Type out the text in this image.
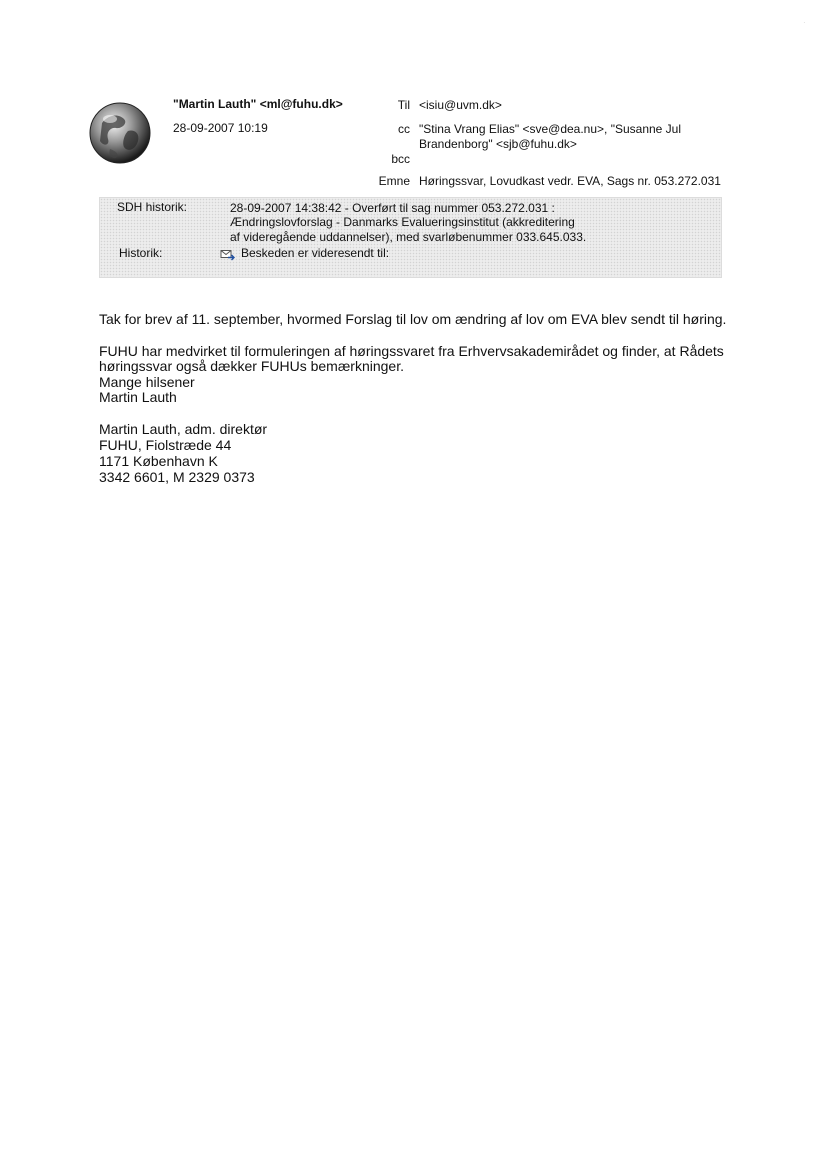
·
"Martin Lauth" <ml@fuhu.dk>
28-09-2007 10:19
Til <isiu@uvm.dk>
cc "Stina Vrang Elias" <sve@dea.nu>, "Susanne Jul
Brandenborg" <sjb@fuhu.dk>
bcc
Emne Høringssvar, Lovudkast vedr. EVA, Sags nr. 053.272.031
SDH historik:	28-09-2007 14:38:42 - Overført til sag nummer 053.272.031 :
Ændringslovforslag - Danmarks Evalueringsinstitut (akkreditering
af videregående uddannelser), med svarløbenummer 033.645.033.
Historik:	Beskeden er videresendt til:
Tak for brev af 11. september, hvormed Forslag til lov om ændring af lov om EVA blev sendt til høring.
FUHU har medvirket til formuleringen af høringssvaret fra Erhvervsakademirådet og finder, at Rådets
høringssvar også dækker FUHUs bemærkninger.
Mange hilsener
Martin Lauth
Martin Lauth, adm. direktør
FUHU, Fiolstræde 44
1171 København K
3342 6601, M 2329 0373
